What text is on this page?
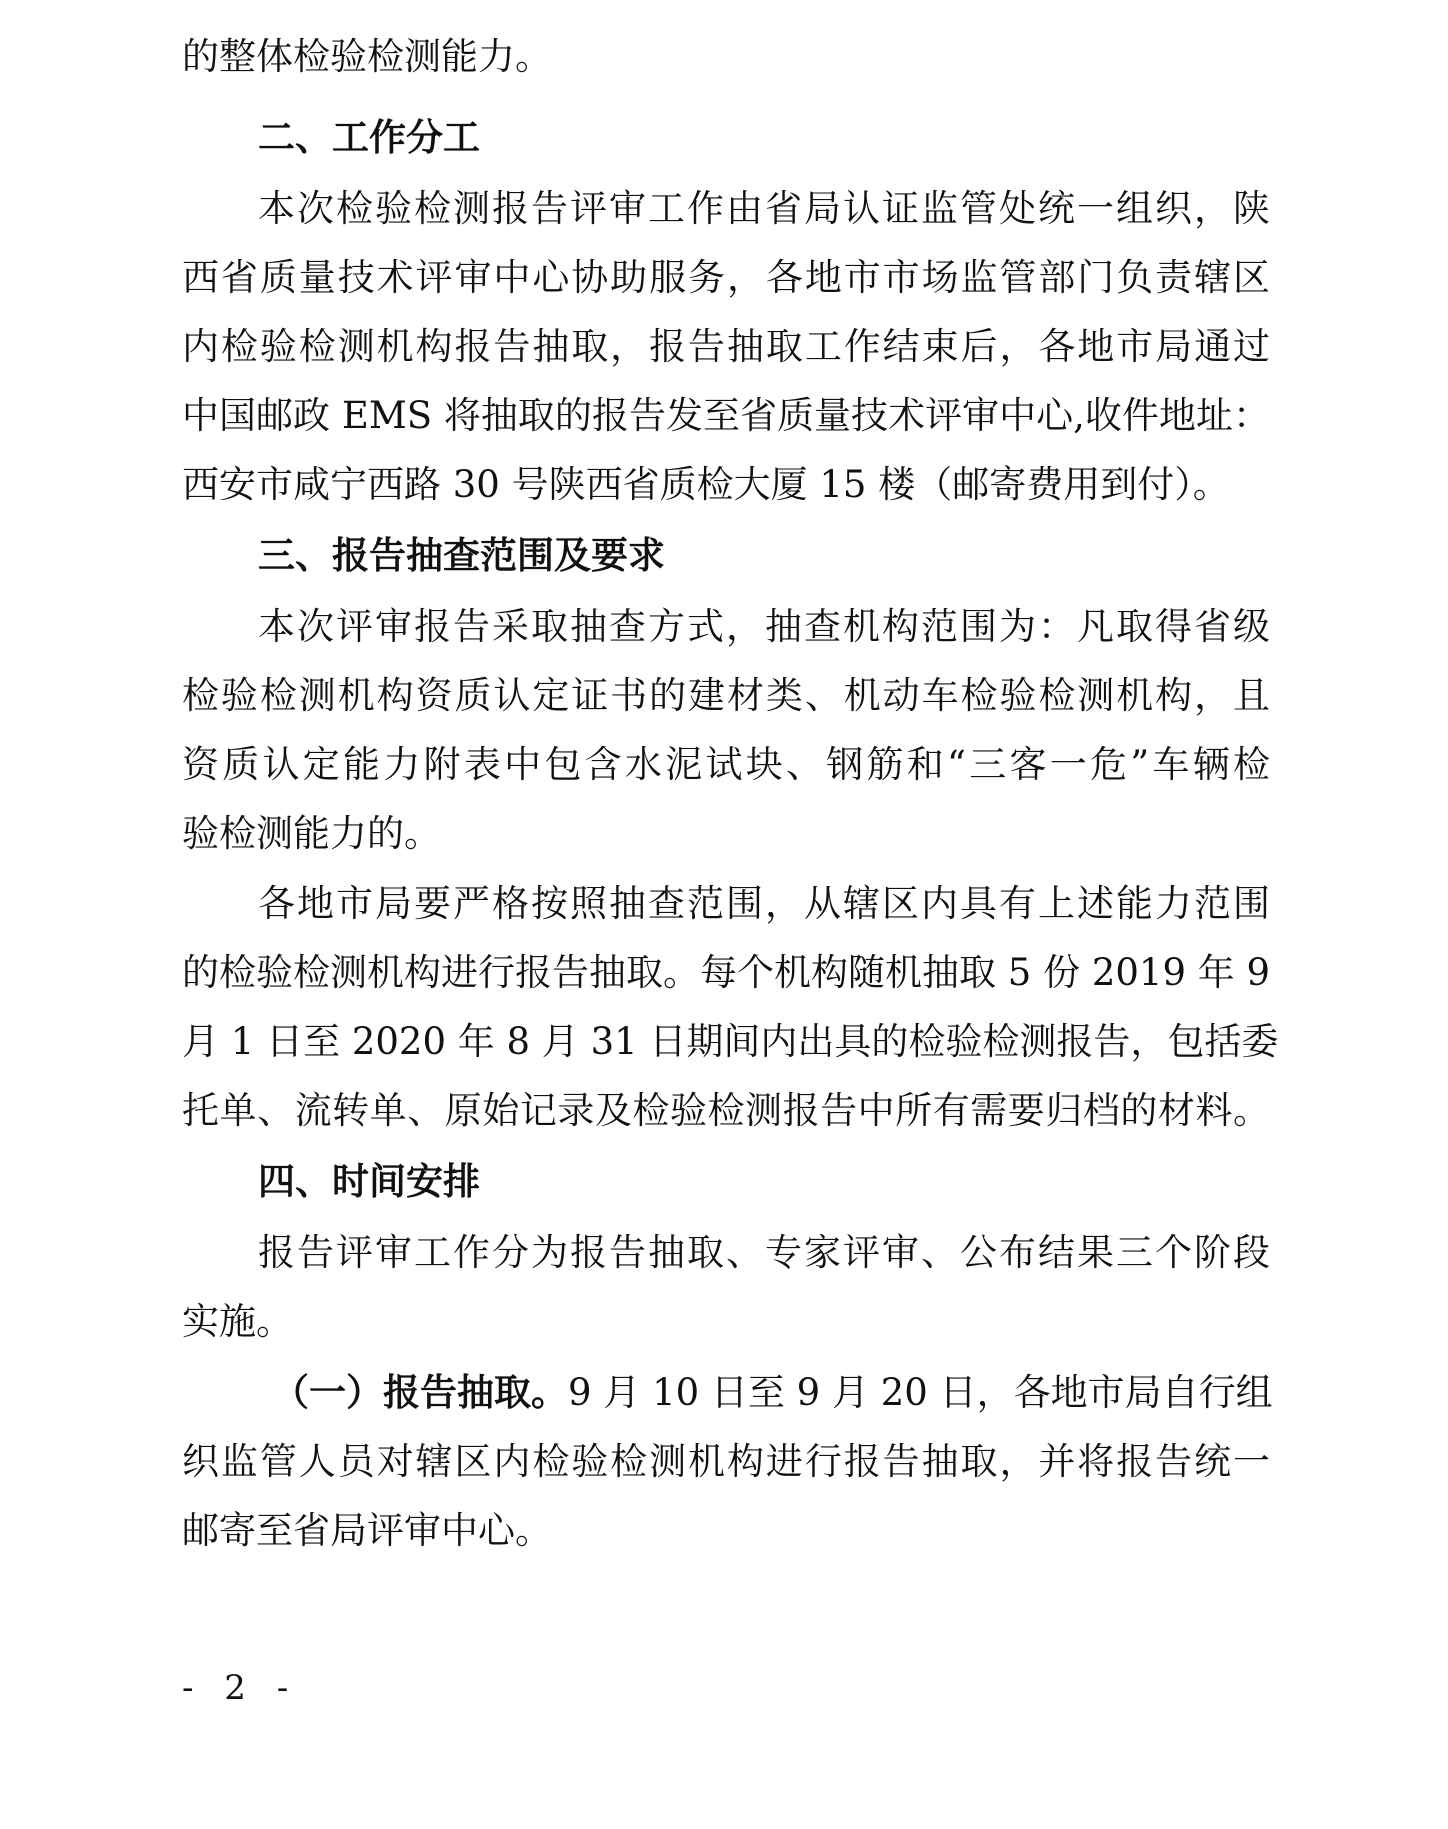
的整体检验检测能力。

二、工作分工

本次检验检测报告评审工作由省局认证监管处统一组织，陕

西省质量技术评审中心协助服务，各地市市场监管部门负责辖区

内检验检测机构报告抽取，报告抽取工作结束后，各地市局通过

中国邮政 EMS 将抽取的报告发至省质量技术评审中心,收件地址：

西安市咸宁西路 30 号陕西省质检大厦 15 楼（邮寄费用到付）。

三、报告抽查范围及要求

本次评审报告采取抽查方式，抽查机构范围为：凡取得省级

检验检测机构资质认定证书的建材类、机动车检验检测机构，且

资质认定能力附表中包含水泥试块、钢筋和“三客一危”车辆检

验检测能力的。

各地市局要严格按照抽查范围，从辖区内具有上述能力范围

的检验检测机构进行报告抽取。每个机构随机抽取 5 份 2019 年 9

月 1 日至 2020 年 8 月 31 日期间内出具的检验检测报告，包括委

托单、流转单、原始记录及检验检测报告中所有需要归档的材料。

四、时间安排

报告评审工作分为报告抽取、专家评审、公布结果三个阶段

实施。

（一）报告抽取。9 月 10 日至 9 月 20 日，各地市局自行组

织监管人员对辖区内检验检测机构进行报告抽取，并将报告统一

邮寄至省局评审中心。

- 2 -
